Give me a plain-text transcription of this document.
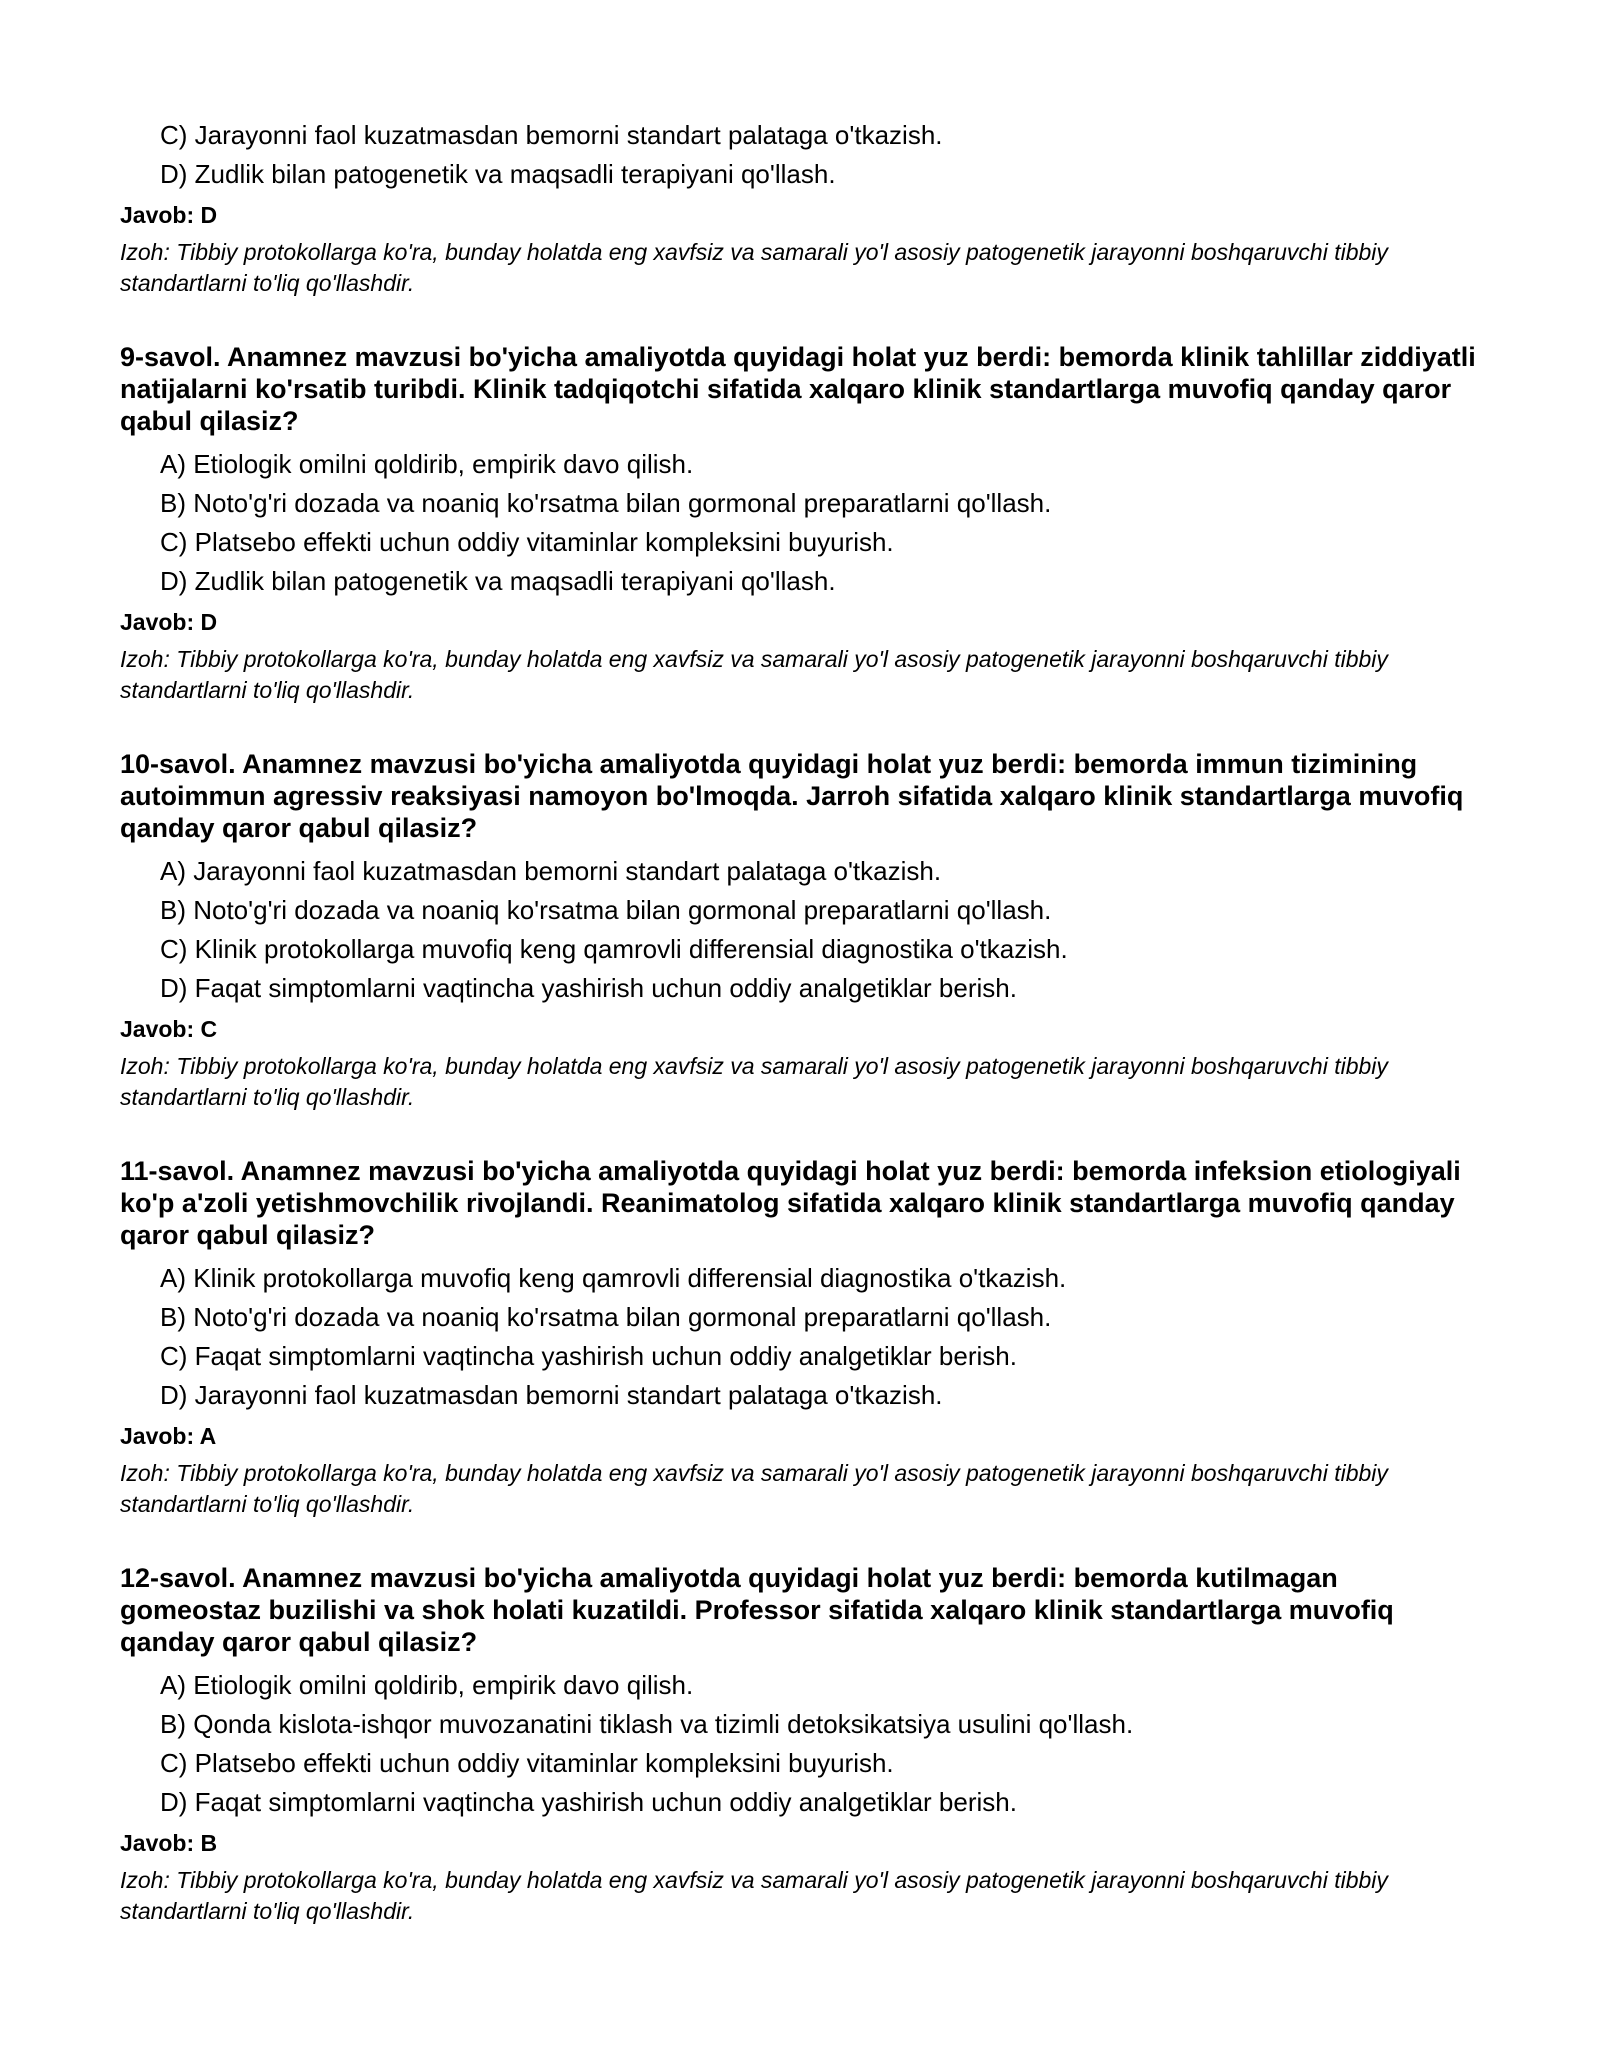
C) Jarayonni faol kuzatmasdan bemorni standart palataga o'tkazish.

D) Zudlik bilan patogenetik va maqsadli terapiyani qo'llash.

Javob: D

Izoh: Tibbiy protokollarga ko'ra, bunday holatda eng xavfsiz va samarali yo'l asosiy patogenetik jarayonni boshqaruvchi tibbiy standartlarni to'liq qo'llashdir.

9-savol. Anamnez mavzusi bo'yicha amaliyotda quyidagi holat yuz berdi: bemorda klinik tahlillar ziddiyatli natijalarni ko'rsatib turibdi. Klinik tadqiqotchi sifatida xalqaro klinik standartlarga muvofiq qanday qaror qabul qilasiz?

A) Etiologik omilni qoldirib, empirik davo qilish.

B) Noto'g'ri dozada va noaniq ko'rsatma bilan gormonal preparatlarni qo'llash.

C) Platsebo effekti uchun oddiy vitaminlar kompleksini buyurish.

D) Zudlik bilan patogenetik va maqsadli terapiyani qo'llash.

Javob: D

Izoh: Tibbiy protokollarga ko'ra, bunday holatda eng xavfsiz va samarali yo'l asosiy patogenetik jarayonni boshqaruvchi tibbiy standartlarni to'liq qo'llashdir.

10-savol. Anamnez mavzusi bo'yicha amaliyotda quyidagi holat yuz berdi: bemorda immun tizimining autoimmun agressiv reaksiyasi namoyon bo'lmoqda. Jarroh sifatida xalqaro klinik standartlarga muvofiq qanday qaror qabul qilasiz?

A) Jarayonni faol kuzatmasdan bemorni standart palataga o'tkazish.

B) Noto'g'ri dozada va noaniq ko'rsatma bilan gormonal preparatlarni qo'llash.

C) Klinik protokollarga muvofiq keng qamrovli differensial diagnostika o'tkazish.

D) Faqat simptomlarni vaqtincha yashirish uchun oddiy analgetiklar berish.

Javob: C

Izoh: Tibbiy protokollarga ko'ra, bunday holatda eng xavfsiz va samarali yo'l asosiy patogenetik jarayonni boshqaruvchi tibbiy standartlarni to'liq qo'llashdir.

11-savol. Anamnez mavzusi bo'yicha amaliyotda quyidagi holat yuz berdi: bemorda infeksion etiologiyali ko'p a'zoli yetishmovchilik rivojlandi. Reanimatolog sifatida xalqaro klinik standartlarga muvofiq qanday qaror qabul qilasiz?

A) Klinik protokollarga muvofiq keng qamrovli differensial diagnostika o'tkazish.

B) Noto'g'ri dozada va noaniq ko'rsatma bilan gormonal preparatlarni qo'llash.

C) Faqat simptomlarni vaqtincha yashirish uchun oddiy analgetiklar berish.

D) Jarayonni faol kuzatmasdan bemorni standart palataga o'tkazish.

Javob: A

Izoh: Tibbiy protokollarga ko'ra, bunday holatda eng xavfsiz va samarali yo'l asosiy patogenetik jarayonni boshqaruvchi tibbiy standartlarni to'liq qo'llashdir.

12-savol. Anamnez mavzusi bo'yicha amaliyotda quyidagi holat yuz berdi: bemorda kutilmagan gomeostaz buzilishi va shok holati kuzatildi. Professor sifatida xalqaro klinik standartlarga muvofiq qanday qaror qabul qilasiz?

A) Etiologik omilni qoldirib, empirik davo qilish.

B) Qonda kislota-ishqor muvozanatini tiklash va tizimli detoksikatsiya usulini qo'llash.

C) Platsebo effekti uchun oddiy vitaminlar kompleksini buyurish.

D) Faqat simptomlarni vaqtincha yashirish uchun oddiy analgetiklar berish.

Javob: B

Izoh: Tibbiy protokollarga ko'ra, bunday holatda eng xavfsiz va samarali yo'l asosiy patogenetik jarayonni boshqaruvchi tibbiy standartlarni to'liq qo'llashdir.
